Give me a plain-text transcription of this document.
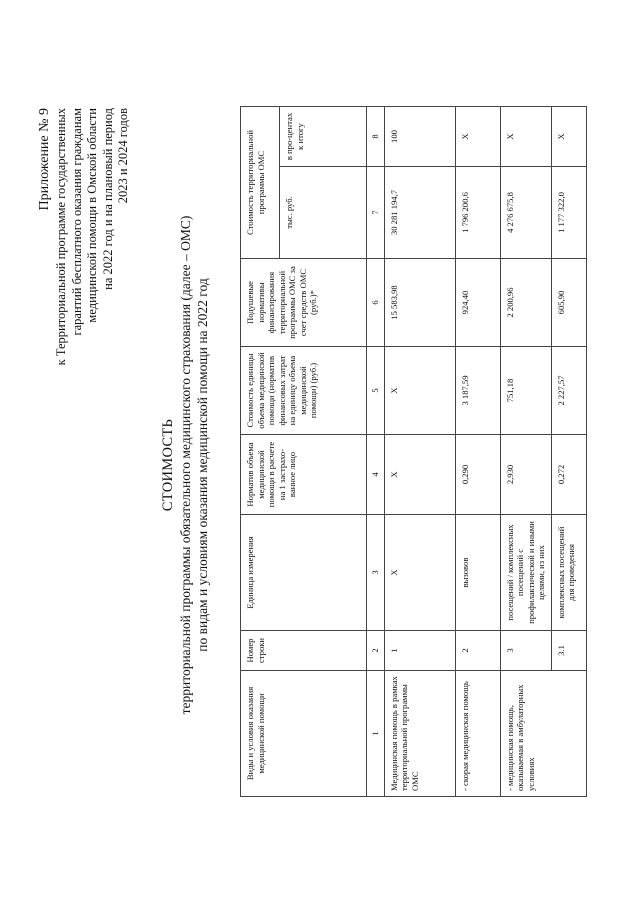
Приложение № 9 к Территориальной программе государственных гарантий бесплатного оказания гражданам медицинской помощи в Омской области на 2022 год и на плановый период 2023 и 2024 годов
СТОИМОСТЬ территориальной программы обязательного медицинского страхования (далее – ОМС) по видам и условиям оказания медицинской помощи на 2022 год
Виды и условия оказания медицинской помощи	Номер строки	Единица измерения	Норматив объема медицинской помощи в расчете на 1 застрахо-ванное лицо	Стоимость единицы объема медицинской помощи (норматив финансовых затрат на единицу объема медицинской помощи) (руб.)	Подушевые нормативы финансирования территориальной программы ОМС за счет средств ОМС (руб.)*	Стоимость территориальной программы ОМС	
						тыс. руб.	в про-центах к итогу
1	2	3	4	5	6	7	8
Медицинская помощь в рамках территориальной программы ОМС	1	X	X	X	15 583,98	30 281 194,7	100
- скорая медицинская помощь	2	вызовов	0,290	3 187,59	924,40	1 796 200,6	X
- медицинская помощь, оказываемая в амбулаторных условиях	3	посещений / комплексных посещений с профилактической и иными целями, из них	2,930	751,18	2 200,96	4 276 675,8	X
	3.1	комплексных посещений для проведения	0,272	2 227,57	605,90	1 177 322,0	X
